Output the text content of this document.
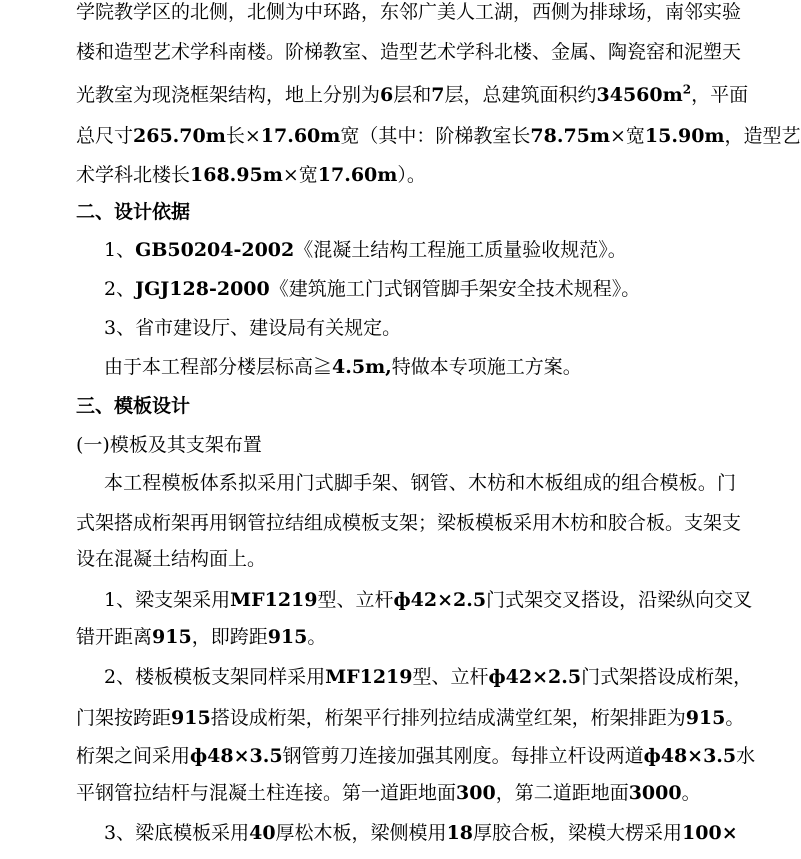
学院教学区的北侧，北侧为中环路，东邻广美人工湖，西侧为排球场，南邻实验
楼和造型艺术学科南楼。阶梯教室、造型艺术学科北楼、金属、陶瓷窑和泥塑天
光教室为现浇框架结构，地上分别为6层和7层，总建筑面积约$34560m^2$，平面
总尺寸265.70m长×17.60m宽（其中：阶梯教室长78.75m×宽15.90m，造型艺
术学科北楼长168.95m×宽17.60m）。
二、设计依据
1、GB50204-2002《混凝土结构工程施工质量验收规范》。
2、JGJ128-2000《建筑施工门式钢管脚手架安全技术规程》。
3、省市建设厅、建设局有关规定。
由于本工程部分楼层标高≧4.5m,特做本专项施工方案。
三、模板设计
(一)模板及其支架布置
本工程模板体系拟采用门式脚手架、钢管、木枋和木板组成的组合模板。门
式架搭成桁架再用钢管拉结组成模板支架；梁板模板采用木枋和胶合板。支架支
设在混凝土结构面上。
1、梁支架采用MF1219型、立杆ф42×2.5门式架交叉搭设，沿梁纵向交叉
错开距离915，即跨距915。
2、楼板模板支架同样采用MF1219型、立杆ф42×2.5门式架搭设成桁架，
门架按跨距915搭设成桁架，桁架平行排列拉结成满堂红架，桁架排距为915。
桁架之间采用ф48×3.5钢管剪刀连接加强其刚度。每排立杆设两道ф48×3.5水
平钢管拉结杆与混凝土柱连接。第一道距地面300，第二道距地面3000。
3、梁底模板采用40厚松木板，梁侧模用18厚胶合板，梁模大楞采用100×
